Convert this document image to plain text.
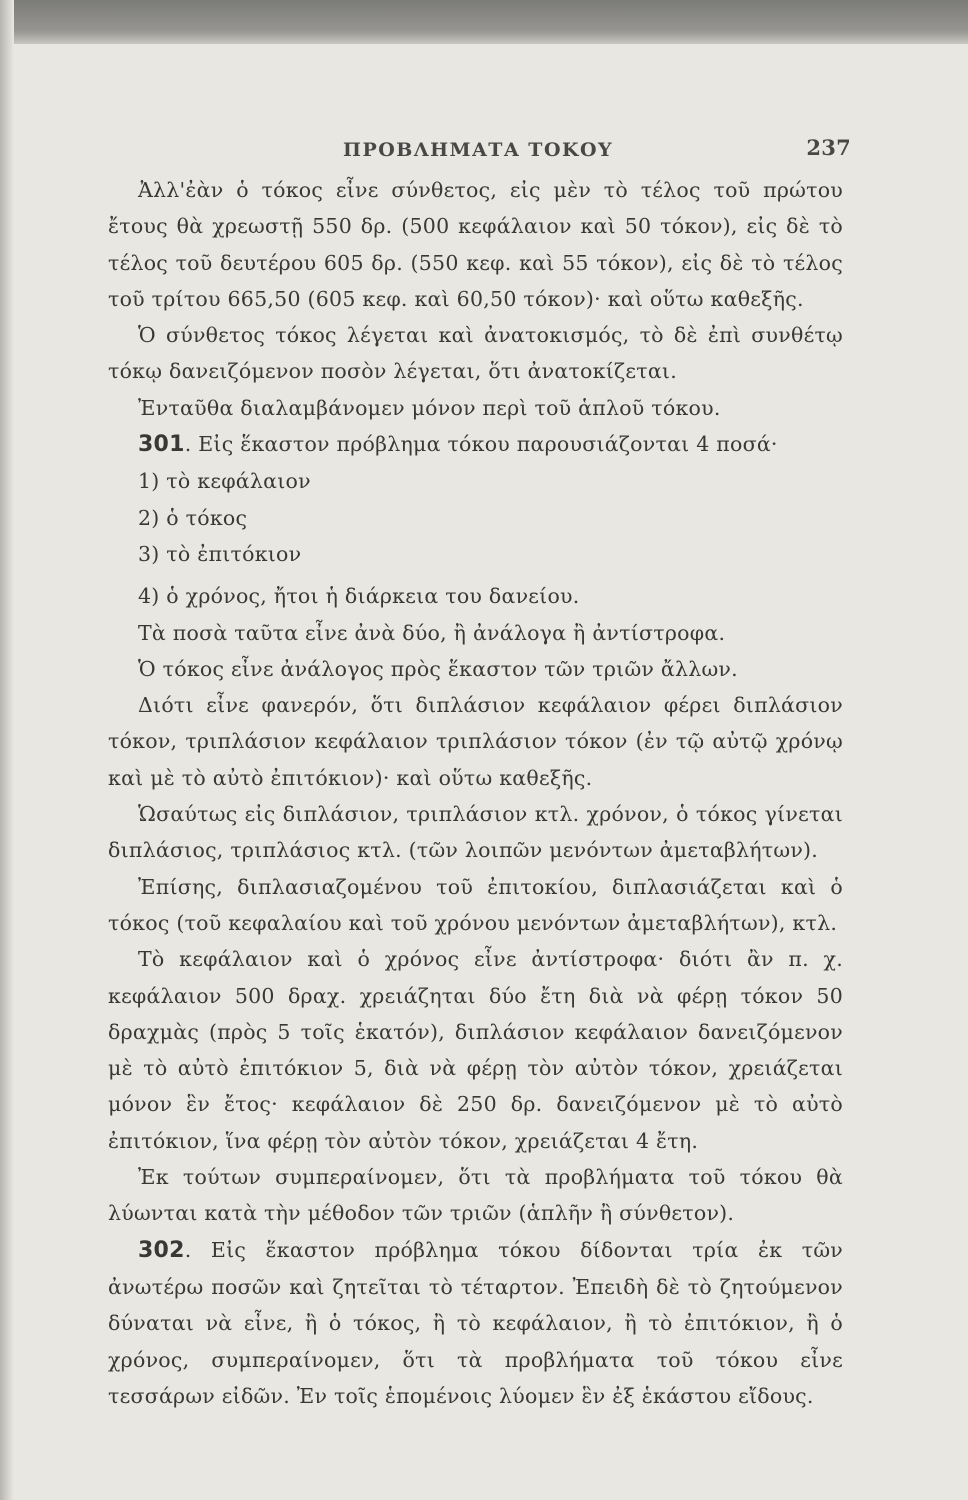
ΠΡΟΒΛΗΜΑΤΑ ΤΟΚΟΥ	237

Ἀλλ'ἐὰν ὁ τόκος εἶνε σύνθετος, εἰς μὲν τὸ τέλος τοῦ πρώτου ἔτους θὰ χρεωστῇ 550 δρ. (500 κεφάλαιον καὶ 50 τόκον), εἰς δὲ τὸ τέλος τοῦ δευτέρου 605 δρ. (550 κεφ. καὶ 55 τόκον), εἰς δὲ τὸ τέλος τοῦ τρίτου 665,50 (605 κεφ. καὶ 60,50 τόκον)· καὶ οὕτω καθεξῆς.

Ὁ σύνθετος τόκος λέγεται καὶ ἀνατοκισμός, τὸ δὲ ἐπὶ συνθέτῳ τόκῳ δανειζόμενον ποσὸν λέγεται, ὅτι ἀνατοκίζεται.

Ἐνταῦθα διαλαμβάνομεν μόνον περὶ τοῦ ἁπλοῦ τόκου.

301. Εἰς ἕκαστον πρόβλημα τόκου παρουσιάζονται 4 ποσά·

1) τὸ κεφάλαιον

2) ὁ τόκος

3) τὸ ἐπιτόκιον

4) ὁ χρόνος, ἤτοι ἡ διάρκεια του δανείου.

Τὰ ποσὰ ταῦτα εἶνε ἀνὰ δύο, ἢ ἀνάλογα ἢ ἀντίστροφα.

Ὁ τόκος εἶνε ἀνάλογος πρὸς ἕκαστον τῶν τριῶν ἄλλων.

Διότι εἶνε φανερόν, ὅτι διπλάσιον κεφάλαιον φέρει διπλάσιον τόκον, τριπλάσιον κεφάλαιον τριπλάσιον τόκον (ἐν τῷ αὐτῷ χρόνῳ καὶ μὲ τὸ αὐτὸ ἐπιτόκιον)· καὶ οὕτω καθεξῆς.

Ὡσαύτως εἰς διπλάσιον, τριπλάσιον κτλ. χρόνον, ὁ τόκος γίνεται διπλάσιος, τριπλάσιος κτλ. (τῶν λοιπῶν μενόντων ἀμεταβλήτων).

Ἐπίσης, διπλασιαζομένου τοῦ ἐπιτοκίου, διπλασιάζεται καὶ ὁ τόκος (τοῦ κεφαλαίου καὶ τοῦ χρόνου μενόντων ἀμεταβλήτων), κτλ.

Τὸ κεφάλαιον καὶ ὁ χρόνος εἶνε ἀντίστροφα· διότι ἂν π. χ. κεφάλαιον 500 δραχ. χρειάζηται δύο ἔτη διὰ νὰ φέρῃ τόκον 50 δραχμὰς (πρὸς 5 τοῖς ἑκατόν), διπλάσιον κεφάλαιον δανειζόμενον μὲ τὸ αὐτὸ ἐπιτόκιον 5, διὰ νὰ φέρῃ τὸν αὐτὸν τόκον, χρειάζεται μόνον ἓν ἔτος· κεφάλαιον δὲ 250 δρ. δανειζόμενον μὲ τὸ αὐτὸ ἐπιτόκιον, ἵνα φέρῃ τὸν αὐτὸν τόκον, χρειάζεται 4 ἔτη.

Ἐκ τούτων συμπεραίνομεν, ὅτι τὰ προβλήματα τοῦ τόκου θὰ λύωνται κατὰ τὴν μέθοδον τῶν τριῶν (ἁπλῆν ἢ σύνθετον).

302. Εἰς ἕκαστον πρόβλημα τόκου δίδονται τρία ἐκ τῶν ἀνωτέρω ποσῶν καὶ ζητεῖται τὸ τέταρτον. Ἐπειδὴ δὲ τὸ ζητούμενον δύναται νὰ εἶνε, ἢ ὁ τόκος, ἢ τὸ κεφάλαιον, ἢ τὸ ἐπιτόκιον, ἢ ὁ χρόνος, συμπεραίνομεν, ὅτι τὰ προβλήματα τοῦ τόκου εἶνε τεσσάρων εἰδῶν. Ἐν τοῖς ἑπομένοις λύομεν ἓν ἐξ ἑκάστου εἴδους.
